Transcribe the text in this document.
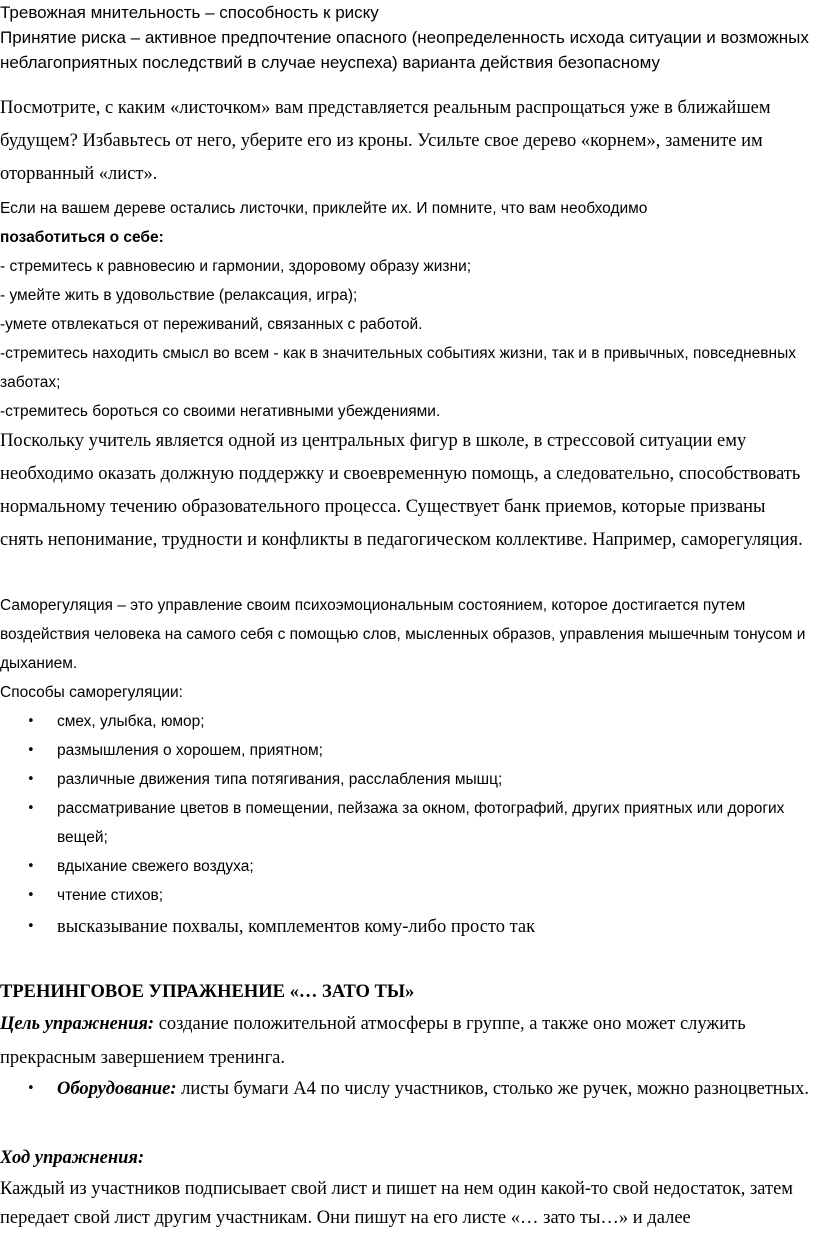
Тревожная мнительность – способность к риску
Принятие риска – активное предпочтение опасного (неопределенность исхода ситуации и возможных неблагоприятных последствий в случае неуспеха) варианта действия безопасному

Посмотрите, с каким «листочком» вам представляется реальным распрощаться уже в ближайшем будущем? Избавьтесь от него, уберите его из кроны. Усильте свое дерево «корнем», замените им оторванный «лист».

Если на вашем дереве остались листочки, приклейте их. И помните, что вам необходимо
позаботиться о себе:
- стремитесь к равновесию и гармонии, здоровому образу жизни;
- умейте жить в удовольствие (релаксация, игра);
-умете отвлекаться от переживаний, связанных с работой.
-стремитесь находить смысл во всем - как в значительных событиях жизни, так и в привычных, повседневных заботах;
-стремитесь бороться со своими негативными убеждениями.

Поскольку учитель является одной из центральных фигур в школе, в стрессовой ситуации ему необходимо оказать должную поддержку и своевременную помощь, а следовательно, способствовать нормальному течению образовательного процесса. Существует банк приемов, которые призваны снять непонимание, трудности и конфликты в педагогическом коллективе. Например, саморегуляция.

Саморегуляция – это управление своим психоэмоциональным состоянием, которое достигается путем воздействия человека на самого себя с помощью слов, мысленных образов, управления мышечным тонусом и дыханием.
Способы саморегуляции:
• смех, улыбка, юмор;
• размышления о хорошем, приятном;
• различные движения типа потягивания, расслабления мышц;
• рассматривание цветов в помещении, пейзажа за окном, фотографий, других приятных или дорогих вещей;
• вдыхание свежего воздуха;
• чтение стихов;
• высказывание похвалы, комплементов кому-либо просто так
ТРЕНИНГОВОЕ УПРАЖНЕНИЕ «… ЗАТО ТЫ»

Цель упражнения: создание положительной атмосферы в группе, а также оно может служить прекрасным завершением тренинга.

• Оборудование: листы бумаги А4 по числу участников, столько же ручек, можно разноцветных.
Ход упражнения:

Каждый из участников подписывает свой лист и пишет на нем один какой-то свой недостаток, затем передает свой лист другим участникам. Они пишут на его листе «… зато ты…» и далее
